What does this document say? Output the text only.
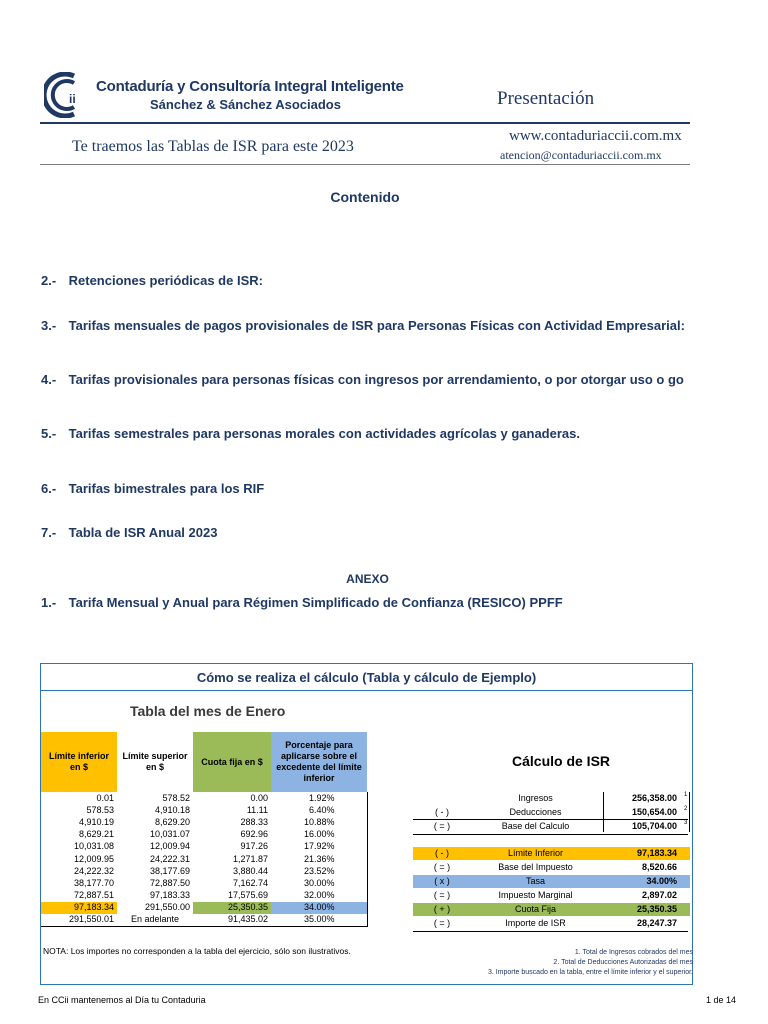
ii
Contaduría y Consultoría Integral Inteligente
Sánchez & Sánchez Asociados	Presentación
Te traemos las Tablas de ISR para este 2023
www.contaduriaccii.com.mx
atencion@contaduriaccii.com.mx
Contenido
2.- Retenciones periódicas de ISR:
3.- Tarifas mensuales de pagos provisionales de ISR para Personas Físicas con Actividad Empresarial:
4.- Tarifas provisionales para personas físicas con ingresos por arrendamiento, o por otorgar uso o go
5.- Tarifas semestrales para personas morales con actividades agrícolas y ganaderas.
6.- Tarifas bimestrales para los RIF
7.- Tabla de ISR Anual 2023
ANEXO
1.- Tarifa Mensual y Anual para Régimen Simplificado de Confianza (RESICO) PPFF
Cómo se realiza el cálculo (Tabla y cálculo de Ejemplo)
Tabla del mes de Enero
Límite inferior en $	Límite superior en $	Cuota fija en $	Porcentaje para aplicarse sobre el excedente del límite inferior
0.01	578.52	0.00	1.92%
578.53	4,910.18	11.11	6.40%
4,910.19	8,629.20	288.33	10.88%
8,629.21	10,031.07	692.96	16.00%
10,031.08	12,009.94	917.26	17.92%
12,009.95	24,222.31	1,271.87	21.36%
24,222.32	38,177.69	3,880.44	23.52%
38,177.70	72,887.50	7,162.74	30.00%
72,887.51	97,183.33	17,575.69	32.00%
97,183.34	291,550.00	25,350.35	34.00%
291,550.01	En adelante	91,435.02	35.00%
NOTA: Los importes no corresponden a la tabla del ejercicio, sólo son ilustrativos.
Cálculo de ISR
Ingresos	256,358.00 1
( - )	Deducciones	150,654.00 2
( = )	Base del Calculo	105,704.00 3
( - )	Límite Inferior	97,183.34
( = )	Base del Impuesto	8,520.66
( x )	Tasa	34.00%
( = )	Impuesto Marginal	2,897.02
( + )	Cuota Fija	25,350.35
( = )	Importe de ISR	28,247.37
1. Total de Ingresos cobrados del mes
2. Total de Deducciones Autorizadas del mes
3. Importe buscado en la tabla, entre el límite inferior y el superior.
En CCii mantenemos al Día tu Contaduria	1 de 14
